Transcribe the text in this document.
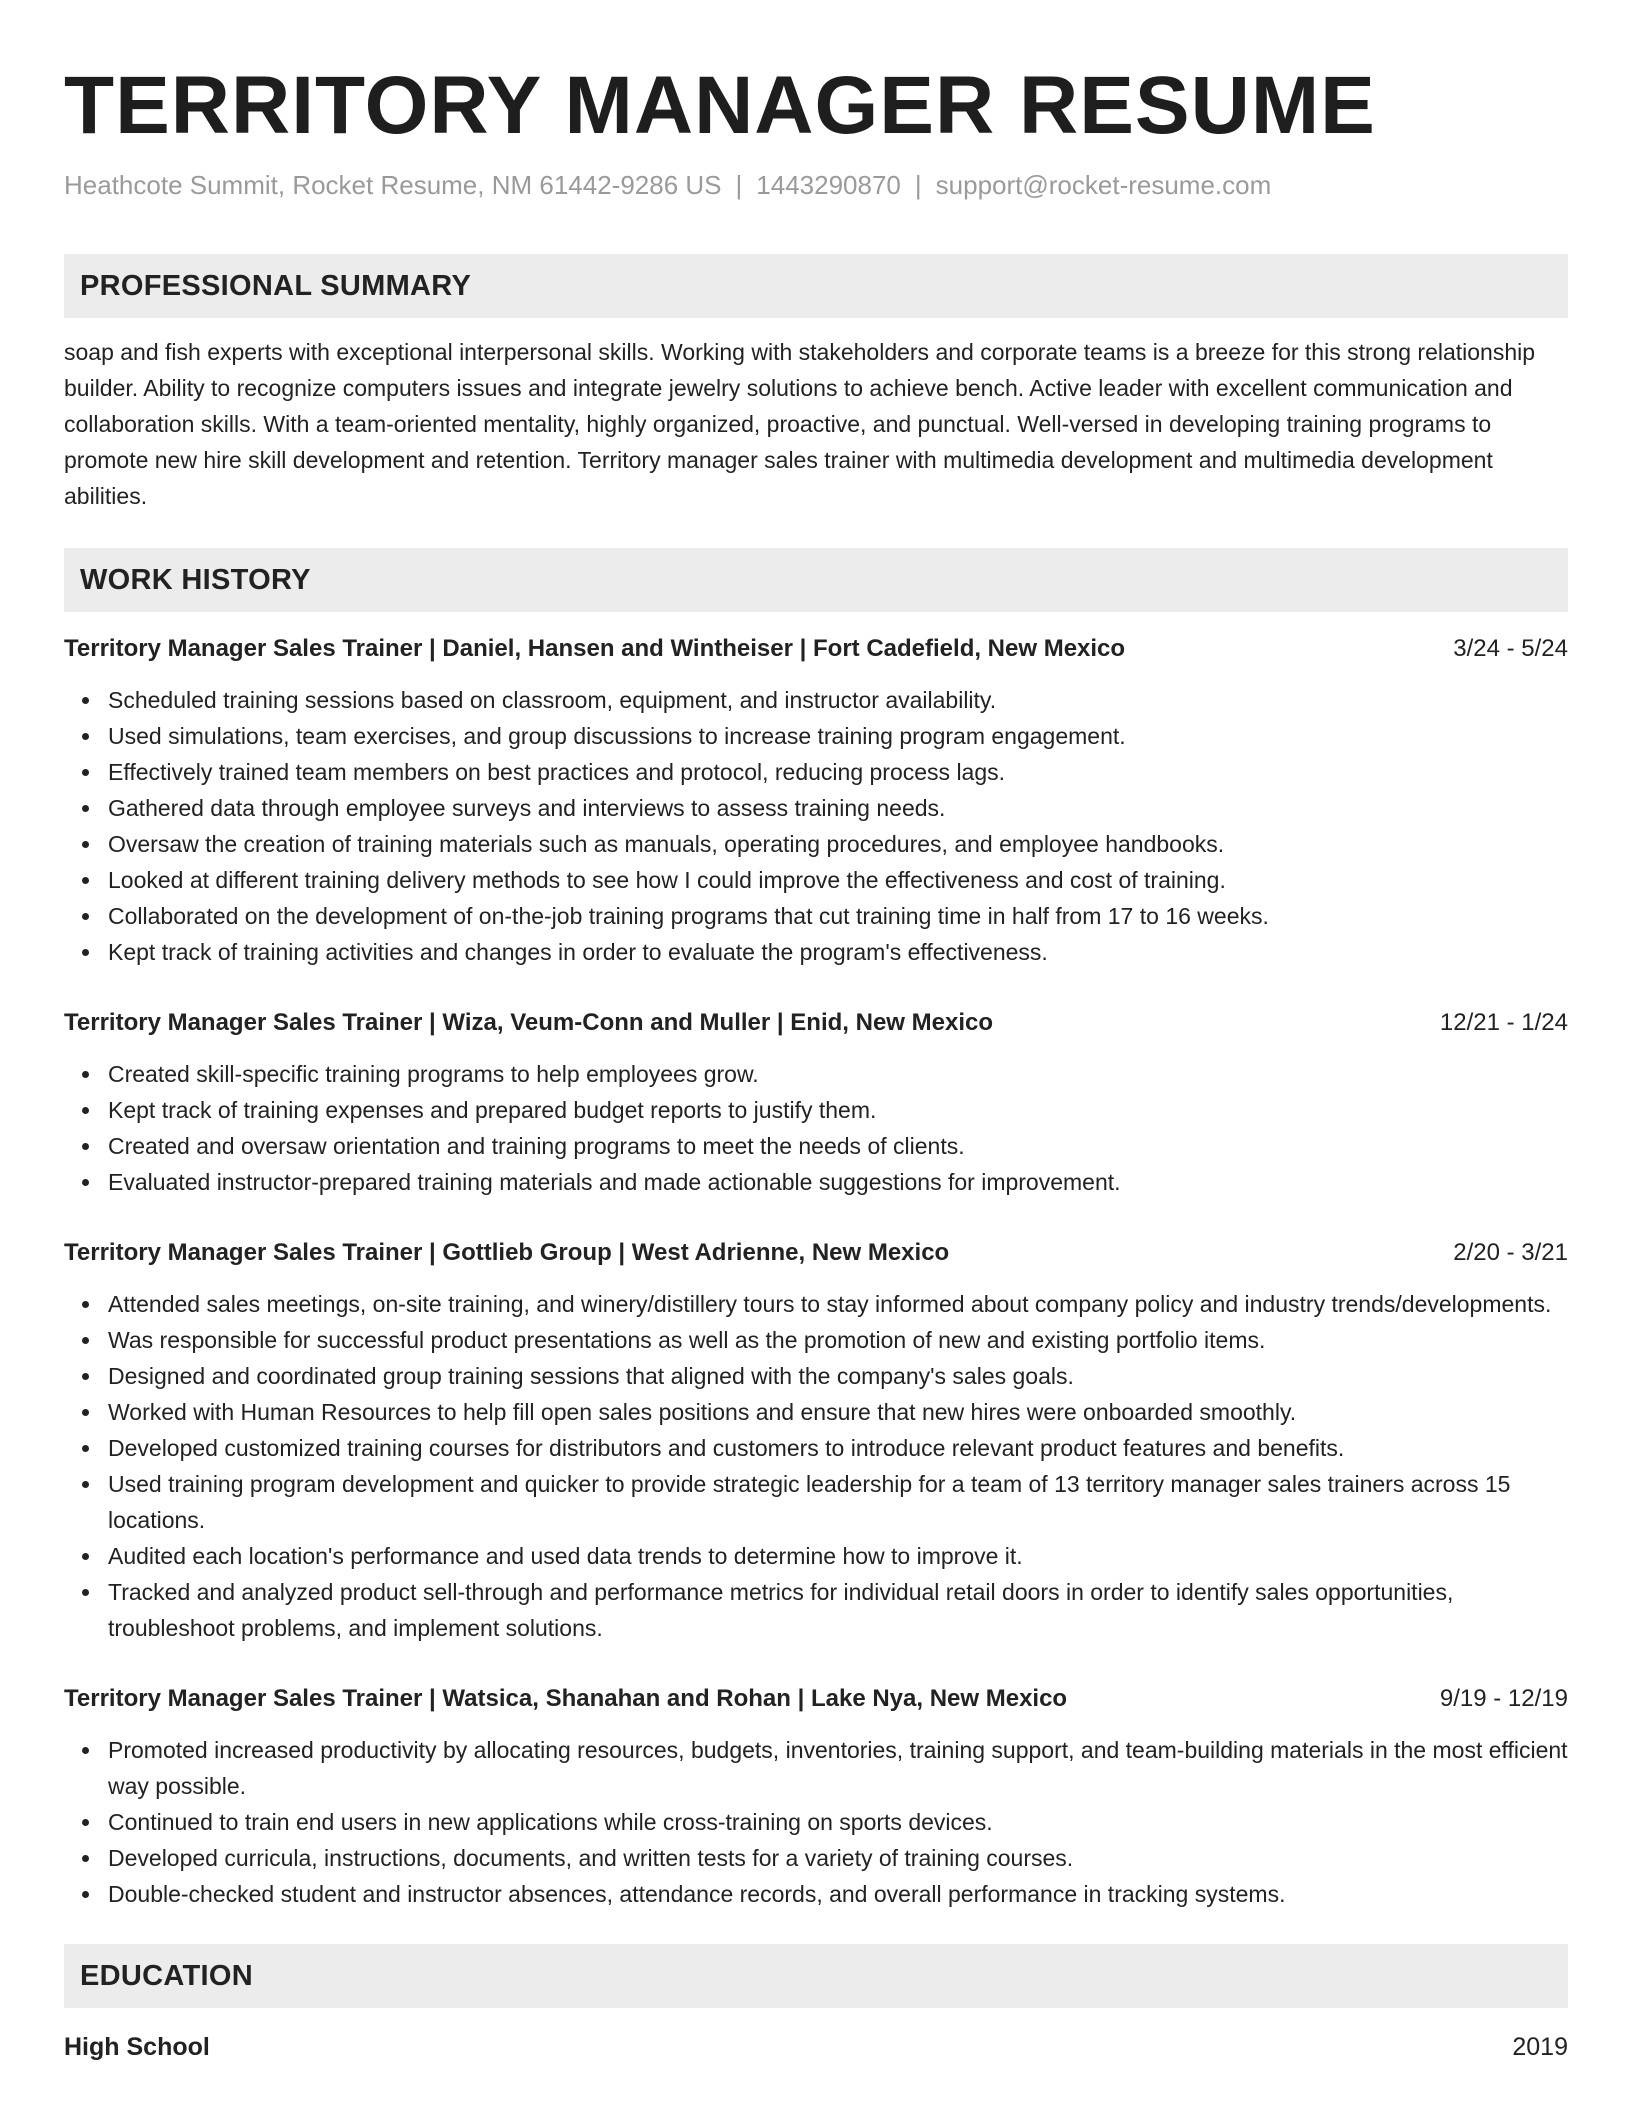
TERRITORY MANAGER RESUME
Heathcote Summit, Rocket Resume, NM 61442-9286 US | 1443290870 | support@rocket-resume.com
PROFESSIONAL SUMMARY

soap and fish experts with exceptional interpersonal skills. Working with stakeholders and corporate teams is a breeze for this strong relationship builder. Ability to recognize computers issues and integrate jewelry solutions to achieve bench. Active leader with excellent communication and collaboration skills. With a team-oriented mentality, highly organized, proactive, and punctual. Well-versed in developing training programs to promote new hire skill development and retention. Territory manager sales trainer with multimedia development and multimedia development abilities.

WORK HISTORY
Territory Manager Sales Trainer | Daniel, Hansen and Wintheiser | Fort Cadefield, New Mexico	3/24 - 5/24
Scheduled training sessions based on classroom, equipment, and instructor availability.
Used simulations, team exercises, and group discussions to increase training program engagement.
Effectively trained team members on best practices and protocol, reducing process lags.
Gathered data through employee surveys and interviews to assess training needs.
Oversaw the creation of training materials such as manuals, operating procedures, and employee handbooks.
Looked at different training delivery methods to see how I could improve the effectiveness and cost of training.
Collaborated on the development of on-the-job training programs that cut training time in half from 17 to 16 weeks.
Kept track of training activities and changes in order to evaluate the program's effectiveness.
Territory Manager Sales Trainer | Wiza, Veum-Conn and Muller | Enid, New Mexico	12/21 - 1/24
Created skill-specific training programs to help employees grow.
Kept track of training expenses and prepared budget reports to justify them.
Created and oversaw orientation and training programs to meet the needs of clients.
Evaluated instructor-prepared training materials and made actionable suggestions for improvement.
Territory Manager Sales Trainer | Gottlieb Group | West Adrienne, New Mexico	2/20 - 3/21
Attended sales meetings, on-site training, and winery/distillery tours to stay informed about company policy and industry trends/developments.
Was responsible for successful product presentations as well as the promotion of new and existing portfolio items.
Designed and coordinated group training sessions that aligned with the company's sales goals.
Worked with Human Resources to help fill open sales positions and ensure that new hires were onboarded smoothly.
Developed customized training courses for distributors and customers to introduce relevant product features and benefits.
Used training program development and quicker to provide strategic leadership for a team of 13 territory manager sales trainers across 15 locations.
Audited each location's performance and used data trends to determine how to improve it.
Tracked and analyzed product sell-through and performance metrics for individual retail doors in order to identify sales opportunities, troubleshoot problems, and implement solutions.
Territory Manager Sales Trainer | Watsica, Shanahan and Rohan | Lake Nya, New Mexico	9/19 - 12/19
Promoted increased productivity by allocating resources, budgets, inventories, training support, and team-building materials in the most efficient way possible.
Continued to train end users in new applications while cross-training on sports devices.
Developed curricula, instructions, documents, and written tests for a variety of training courses.
Double-checked student and instructor absences, attendance records, and overall performance in tracking systems.
EDUCATION
High School	2019
